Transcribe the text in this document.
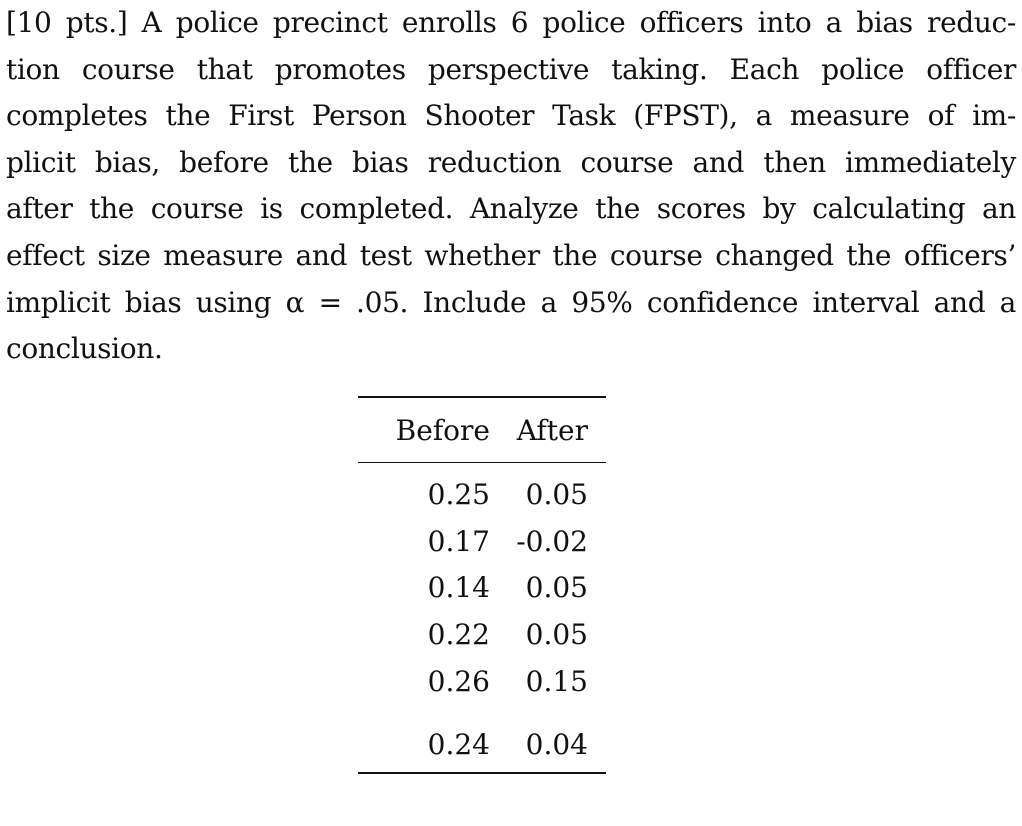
[10 pts.] A police precinct enrolls 6 police officers into a bias reduc-
tion course that promotes perspective taking. Each police officer
completes the First Person Shooter Task (FPST), a measure of im-
plicit bias, before the bias reduction course and then immediately
after the course is completed. Analyze the scores by calculating an
effect size measure and test whether the course changed the officers’
implicit bias using α = .05. Include a 95% confidence interval and a
conclusion.
Before After
0.25	0.05
0.17 -0.02
0.14	0.05
0.22	0.05
0.26	0.15
0.24	0.04
